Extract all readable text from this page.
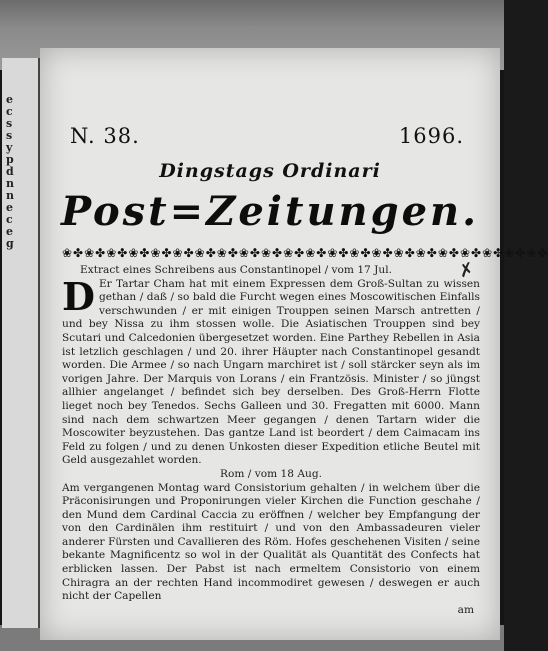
e
c
s
s
y
p
d
n
n
e
c
e
g
N. 38.	1696.
Dingstags Ordinari
Post=Zeitungen.
❀✤❀✤❀✤❀✤❀✤❀✤❀✤❀✤❀✤❀✤❀✤❀✤❀✤❀✤❀✤❀✤❀✤❀✤❀✤❀✤❀✤❀✤
✗

Extract eines Schreibens aus Constantinopel / vom 17 Jul.

D Er Tartar Cham hat mit einem Expressen dem Groß-Sultan zu wissen gethan / daß / so bald die Furcht wegen eines Moscowitischen Einfalls verschwunden / er mit einigen Trouppen seinen Marsch antretten / und bey Nissa zu ihm stossen wolle. Die Asiatischen Trouppen sind bey Scutari und Calcedonien übergesetzet worden. Eine Parthey Rebellen in Asia ist letzlich geschlagen / und 20. ihrer Häupter nach Constantinopel gesandt worden. Die Armee / so nach Ungarn marchiret ist / soll stärcker seyn als im vorigen Jahre. Der Marquis von Lorans / ein Frantzösis. Minister / so jüngst allhier angelanget / befindet sich bey derselben. Des Groß-Herrn Flotte lieget noch bey Tenedos. Sechs Galleen und 30. Fregatten mit 6000. Mann sind nach dem schwartzen Meer gegangen / denen Tartarn wider die Moscowiter beyzustehen. Das gantze Land ist beordert / dem Caimacam ins Feld zu folgen / und zu denen Unkosten dieser Expedition etliche Beutel mit Geld ausgezahlet worden.

Rom / vom 18 Aug.

Am vergangenen Montag ward Consistorium gehalten / in welchem über die Präconisirungen und Proponirungen vieler Kirchen die Function geschahe / den Mund dem Cardinal Caccia zu eröffnen / welcher bey Empfangung der von den Cardinälen ihm restituirt / und von den Ambassadeuren vieler anderer Fürsten und Cavallieren des Röm. Hofes geschehenen Visiten / seine bekante Magnificentz so wol in der Qualität als Quantität des Confects hat erblicken lassen. Der Pabst ist nach ermeltem Consistorio von einem Chiragra an der rechten Hand incommodiret gewesen / deswegen er auch nicht der Capellen

am
